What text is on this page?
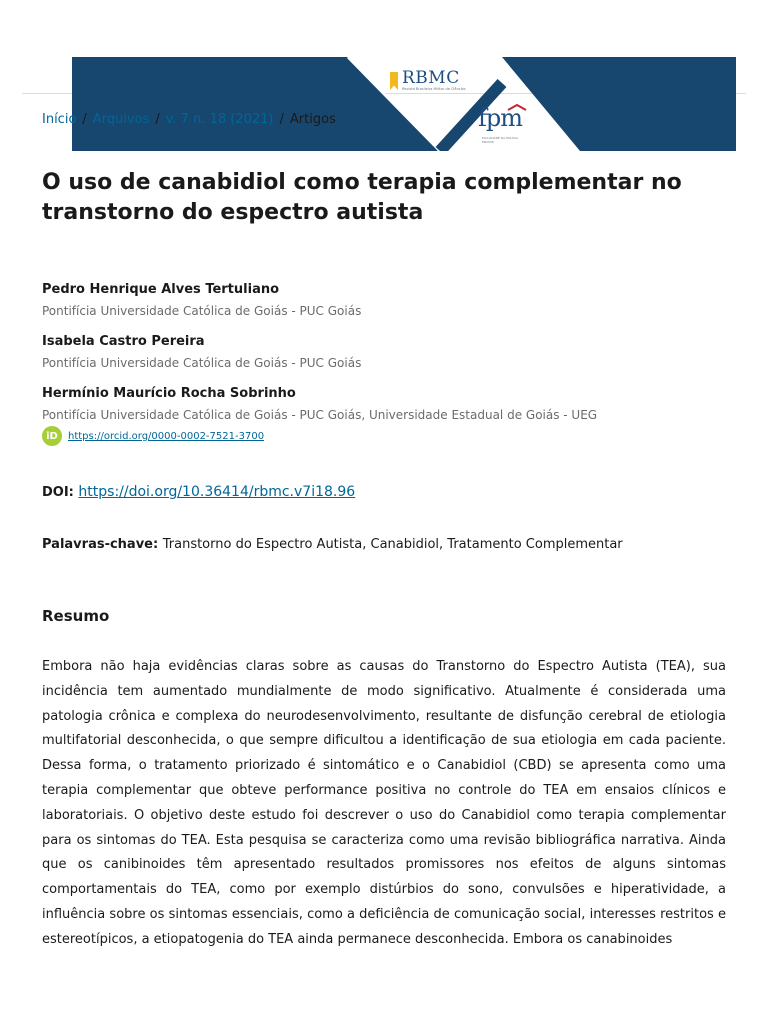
RBMC
Revista Brasileira Militar de Ciências
fpm
FACULDADE DA POLÍCIA MILITAR
Início / Arquivos / v. 7 n. 18 (2021) / Artigos
O uso de canabidiol como terapia complementar no transtorno do espectro autista
Pedro Henrique Alves Tertuliano
Pontifícia Universidade Católica de Goiás - PUC Goiás
Isabela Castro Pereira
Pontifícia Universidade Católica de Goiás - PUC Goiás
Hermínio Maurício Rocha Sobrinho
Pontifícia Universidade Católica de Goiás - PUC Goiás, Universidade Estadual de Goiás - UEG
iD	https://orcid.org/0000-0002-7521-3700
DOI: https://doi.org/10.36414/rbmc.v7i18.96
Palavras-chave: Transtorno do Espectro Autista, Canabidiol, Tratamento Complementar
Resumo

Embora não haja evidências claras sobre as causas do Transtorno do Espectro Autista (TEA), sua incidência tem aumentado mundialmente de modo significativo. Atualmente é considerada uma patologia crônica e complexa do neurodesenvolvimento, resultante de disfunção cerebral de etiologia multifatorial desconhecida, o que sempre dificultou a identificação de sua etiologia em cada paciente. Dessa forma, o tratamento priorizado é sintomático e o Canabidiol (CBD) se apresenta como uma terapia complementar que obteve performance positiva no controle do TEA em ensaios clínicos e laboratoriais. O objetivo deste estudo foi descrever o uso do Canabidiol como terapia complementar para os sintomas do TEA. Esta pesquisa se caracteriza como uma revisão bibliográfica narrativa. Ainda que os canibinoides têm apresentado resultados promissores nos efeitos de alguns sintomas comportamentais do TEA, como por exemplo distúrbios do sono, convulsões e hiperatividade, a influência sobre os sintomas essenciais, como a deficiência de comunicação social, interesses restritos e estereotípicos, a etiopatogenia do TEA ainda permanece desconhecida. Embora os canabinoides
